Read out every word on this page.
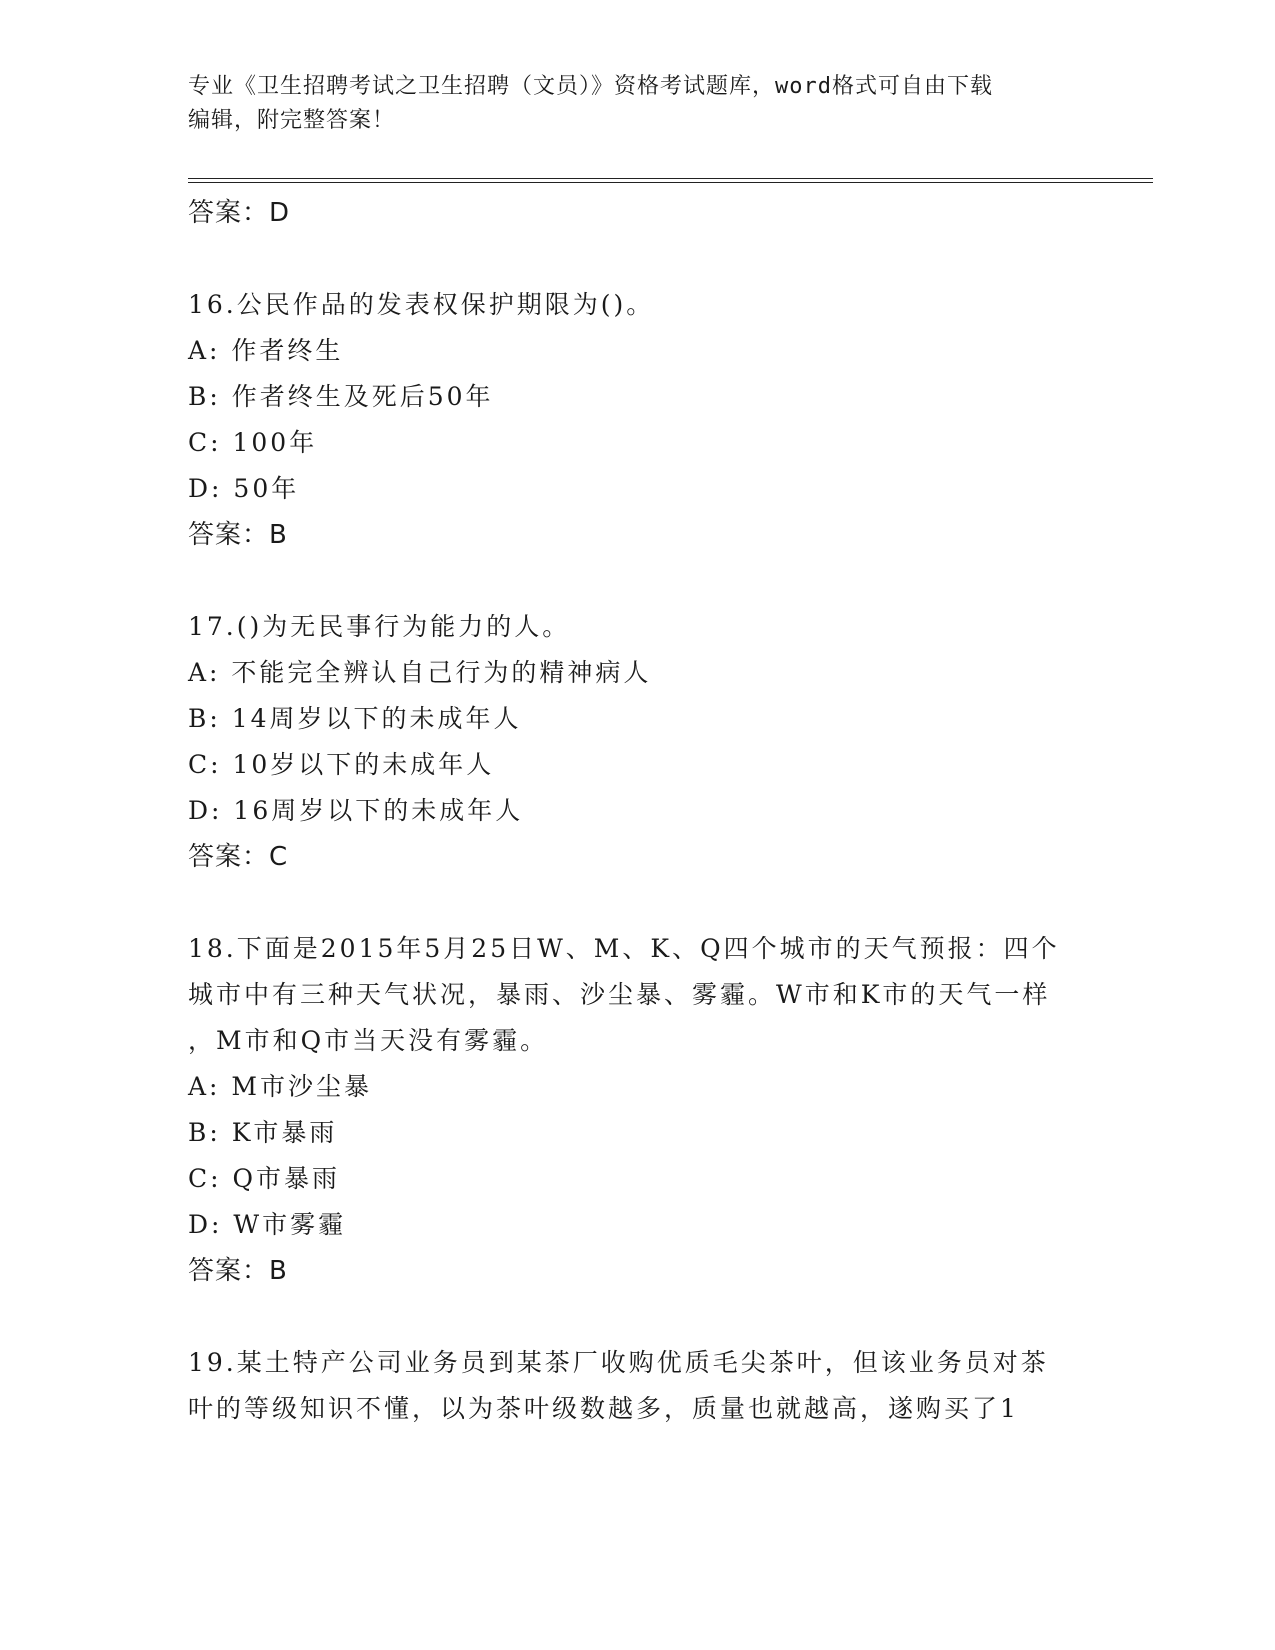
专业《卫生招聘考试之卫生招聘（文员）》资格考试题库，word格式可自由下载
编辑，附完整答案！
答案：D
16.公民作品的发表权保护期限为()。
A: 作者终生
B: 作者终生及死后50年
C: 100年
D: 50年
答案：B
17.()为无民事行为能力的人。
A: 不能完全辨认自己行为的精神病人
B: 14周岁以下的未成年人
C: 10岁以下的未成年人
D: 16周岁以下的未成年人
答案：C
18.下面是2015年5月25日W、M、K、Q四个城市的天气预报：四个
城市中有三种天气状况，暴雨、沙尘暴、雾霾。W市和K市的天气一样
，M市和Q市当天没有雾霾。
A: M市沙尘暴
B: K市暴雨
C: Q市暴雨
D: W市雾霾
答案：B
19.某土特产公司业务员到某茶厂收购优质毛尖茶叶，但该业务员对茶
叶的等级知识不懂，以为茶叶级数越多，质量也就越高，遂购买了1
